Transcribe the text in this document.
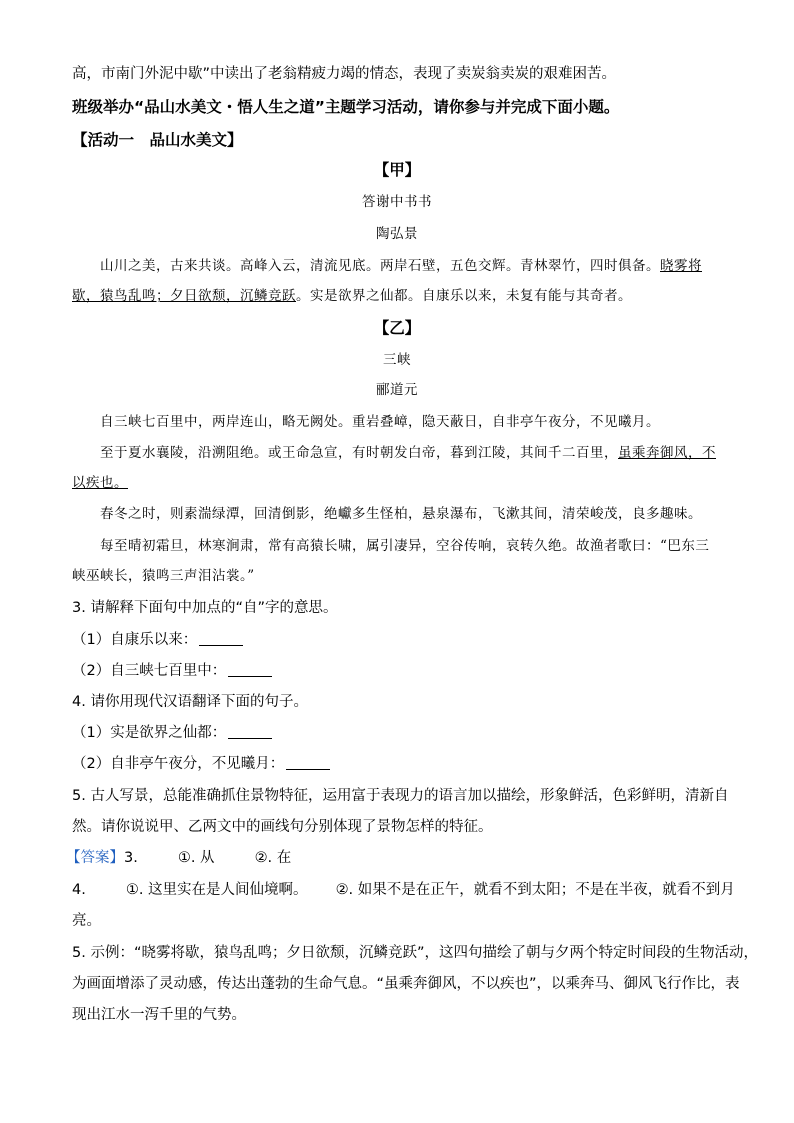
高，市南门外泥中歇”中读出了老翁精疲力竭的情态，表现了卖炭翁卖炭的艰难困苦。
班级举办“品山水美文・悟人生之道”主题学习活动，请你参与并完成下面小题。
【活动一　品山水美文】
【甲】
答谢中书书
陶弘景
山川之美，古来共谈。高峰入云，清流见底。两岸石壁，五色交辉。青林翠竹，四时俱备。晓雾将
歇，猿鸟乱鸣；夕日欲颓，沉鳞竞跃。实是欲界之仙都。自康乐以来，未复有能与其奇者。
【乙】
三峡
郦道元
自三峡七百里中，两岸连山，略无阙处。重岩叠嶂，隐天蔽日，自非亭午夜分，不见曦月。
至于夏水襄陵，沿溯阻绝。或王命急宣，有时朝发白帝，暮到江陵，其间千二百里，虽乘奔御风，不
以疾也。
春冬之时，则素湍绿潭，回清倒影，绝巘多生怪柏，悬泉瀑布，飞漱其间，清荣峻茂，良多趣味。
每至晴初霜旦，林寒涧肃，常有高猿长啸，属引凄异，空谷传响，哀转久绝。故渔者歌曰：“巴东三
峡巫峡长，猿鸣三声泪沾裳。”
3. 请解释下面句中加点的“自”字的意思。
（1）自康乐以来：
（2）自三峡七百里中：
4. 请你用现代汉语翻译下面的句子。
（1）实是欲界之仙都：
（2）自非亭午夜分，不见曦月：
5. 古人写景，总能准确抓住景物特征，运用富于表现力的语言加以描绘，形象鲜活，色彩鲜明，清新自
然。请你说说甲、乙两文中的画线句分别体现了景物怎样的特征。
【答案】3.	①. 从	②. 在
4.	①. 这里实在是人间仙境啊。 ②. 如果不是在正午，就看不到太阳；不是在半夜，就看不到月
亮。
5. 示例：“晓雾将歇，猿鸟乱鸣；夕日欲颓，沉鳞竞跃”，这四句描绘了朝与夕两个特定时间段的生物活动，
为画面增添了灵动感，传达出蓬勃的生命气息。“虽乘奔御风，不以疾也”，以乘奔马、御风飞行作比，表
现出江水一泻千里的气势。
